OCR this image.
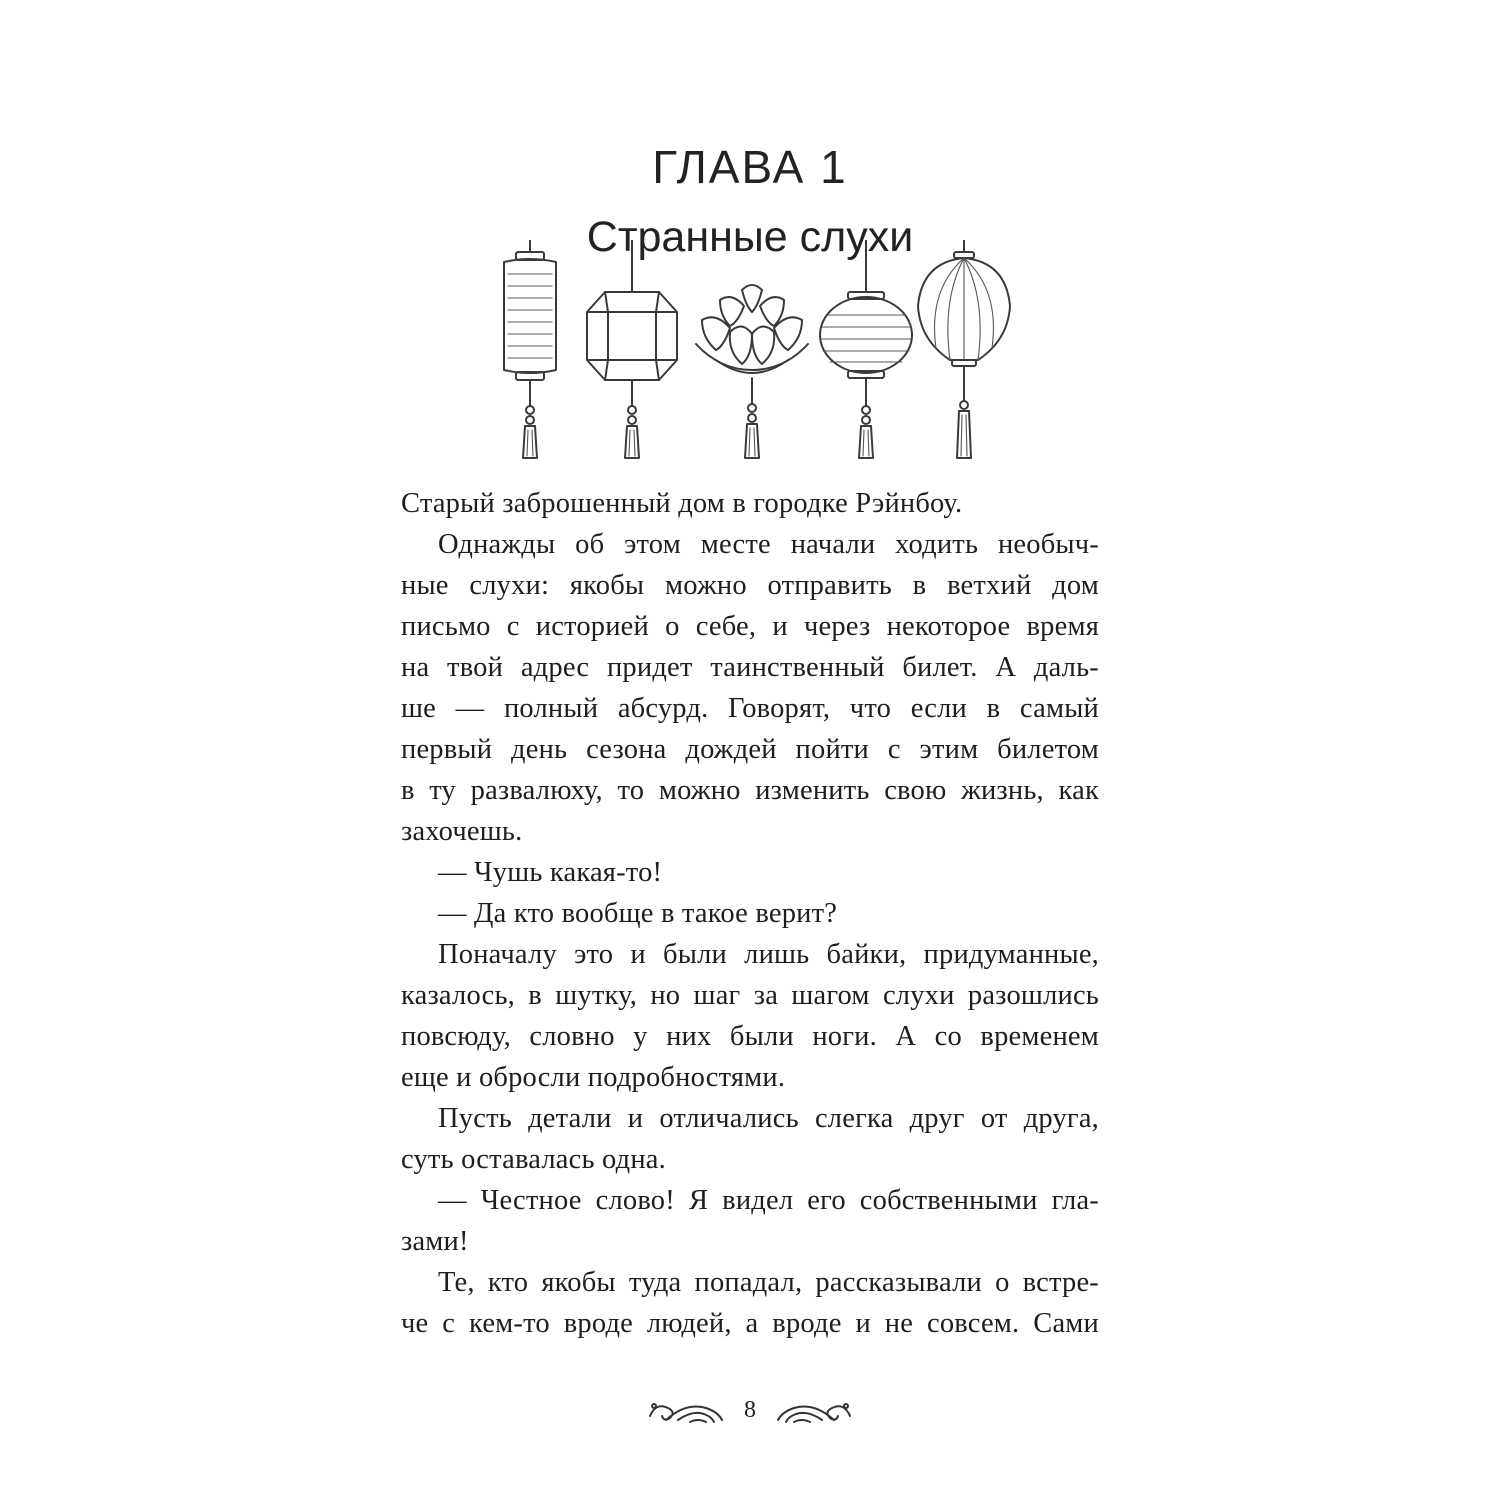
ГЛАВА 1
Странные слухи
Старый заброшенный дом в городке Рэйнбоу.
Однажды об этом месте начали ходить необыч-
ные слухи: якобы можно отправить в ветхий дом
письмо с историей о себе, и через некоторое время
на твой адрес придет таинственный билет. А даль-
ше — полный абсурд. Говорят, что если в самый
первый день сезона дождей пойти с этим билетом
в ту развалюху, то можно изменить свою жизнь, как
захочешь.
— Чушь какая-то!
— Да кто вообще в такое верит?
Поначалу это и были лишь байки, придуманные,
казалось, в шутку, но шаг за шагом слухи разошлись
повсюду, словно у них были ноги. А со временем
еще и обросли подробностями.
Пусть детали и отличались слегка друг от друга,
суть оставалась одна.
— Честное слово! Я видел его собственными гла-
зами!
Те, кто якобы туда попадал, рассказывали о встре-
че с кем-то вроде людей, а вроде и не совсем. Сами
8
